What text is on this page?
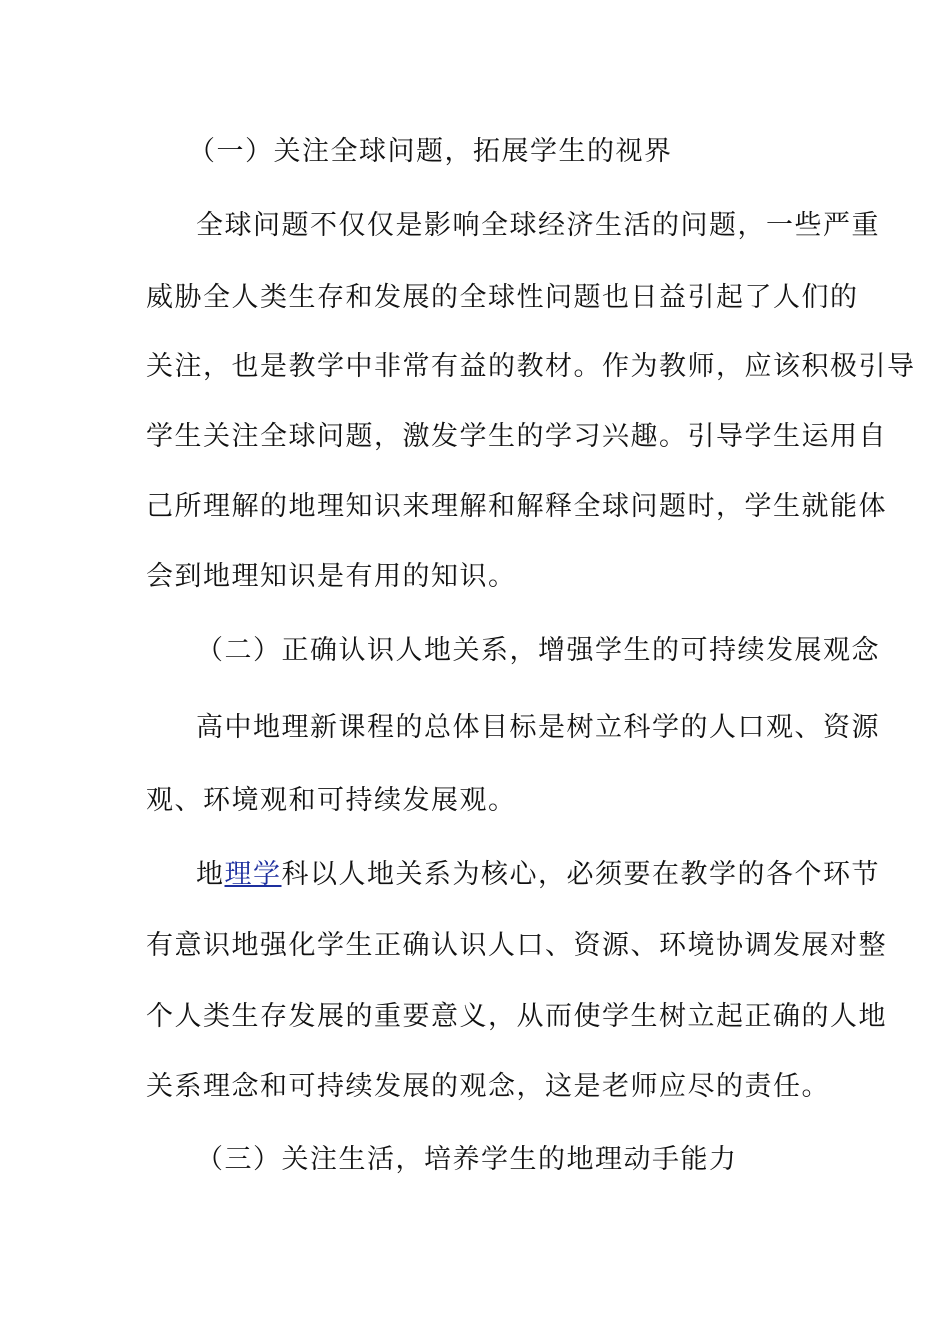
（一）关注全球问题，拓展学生的视界
全球问题不仅仅是影响全球经济生活的问题，一些严重
威胁全人类生存和发展的全球性问题也日益引起了人们的
关注，也是教学中非常有益的教材。作为教师，应该积极引导
学生关注全球问题，激发学生的学习兴趣。引导学生运用自
己所理解的地理知识来理解和解释全球问题时，学生就能体
会到地理知识是有用的知识。
（二）正确认识人地关系，增强学生的可持续发展观念
高中地理新课程的总体目标是树立科学的人口观、资源
观、环境观和可持续发展观。
地理学科以人地关系为核心，必须要在教学的各个环节
有意识地强化学生正确认识人口、资源、环境协调发展对整
个人类生存发展的重要意义，从而使学生树立起正确的人地
关系理念和可持续发展的观念，这是老师应尽的责任。
（三）关注生活，培养学生的地理动手能力
